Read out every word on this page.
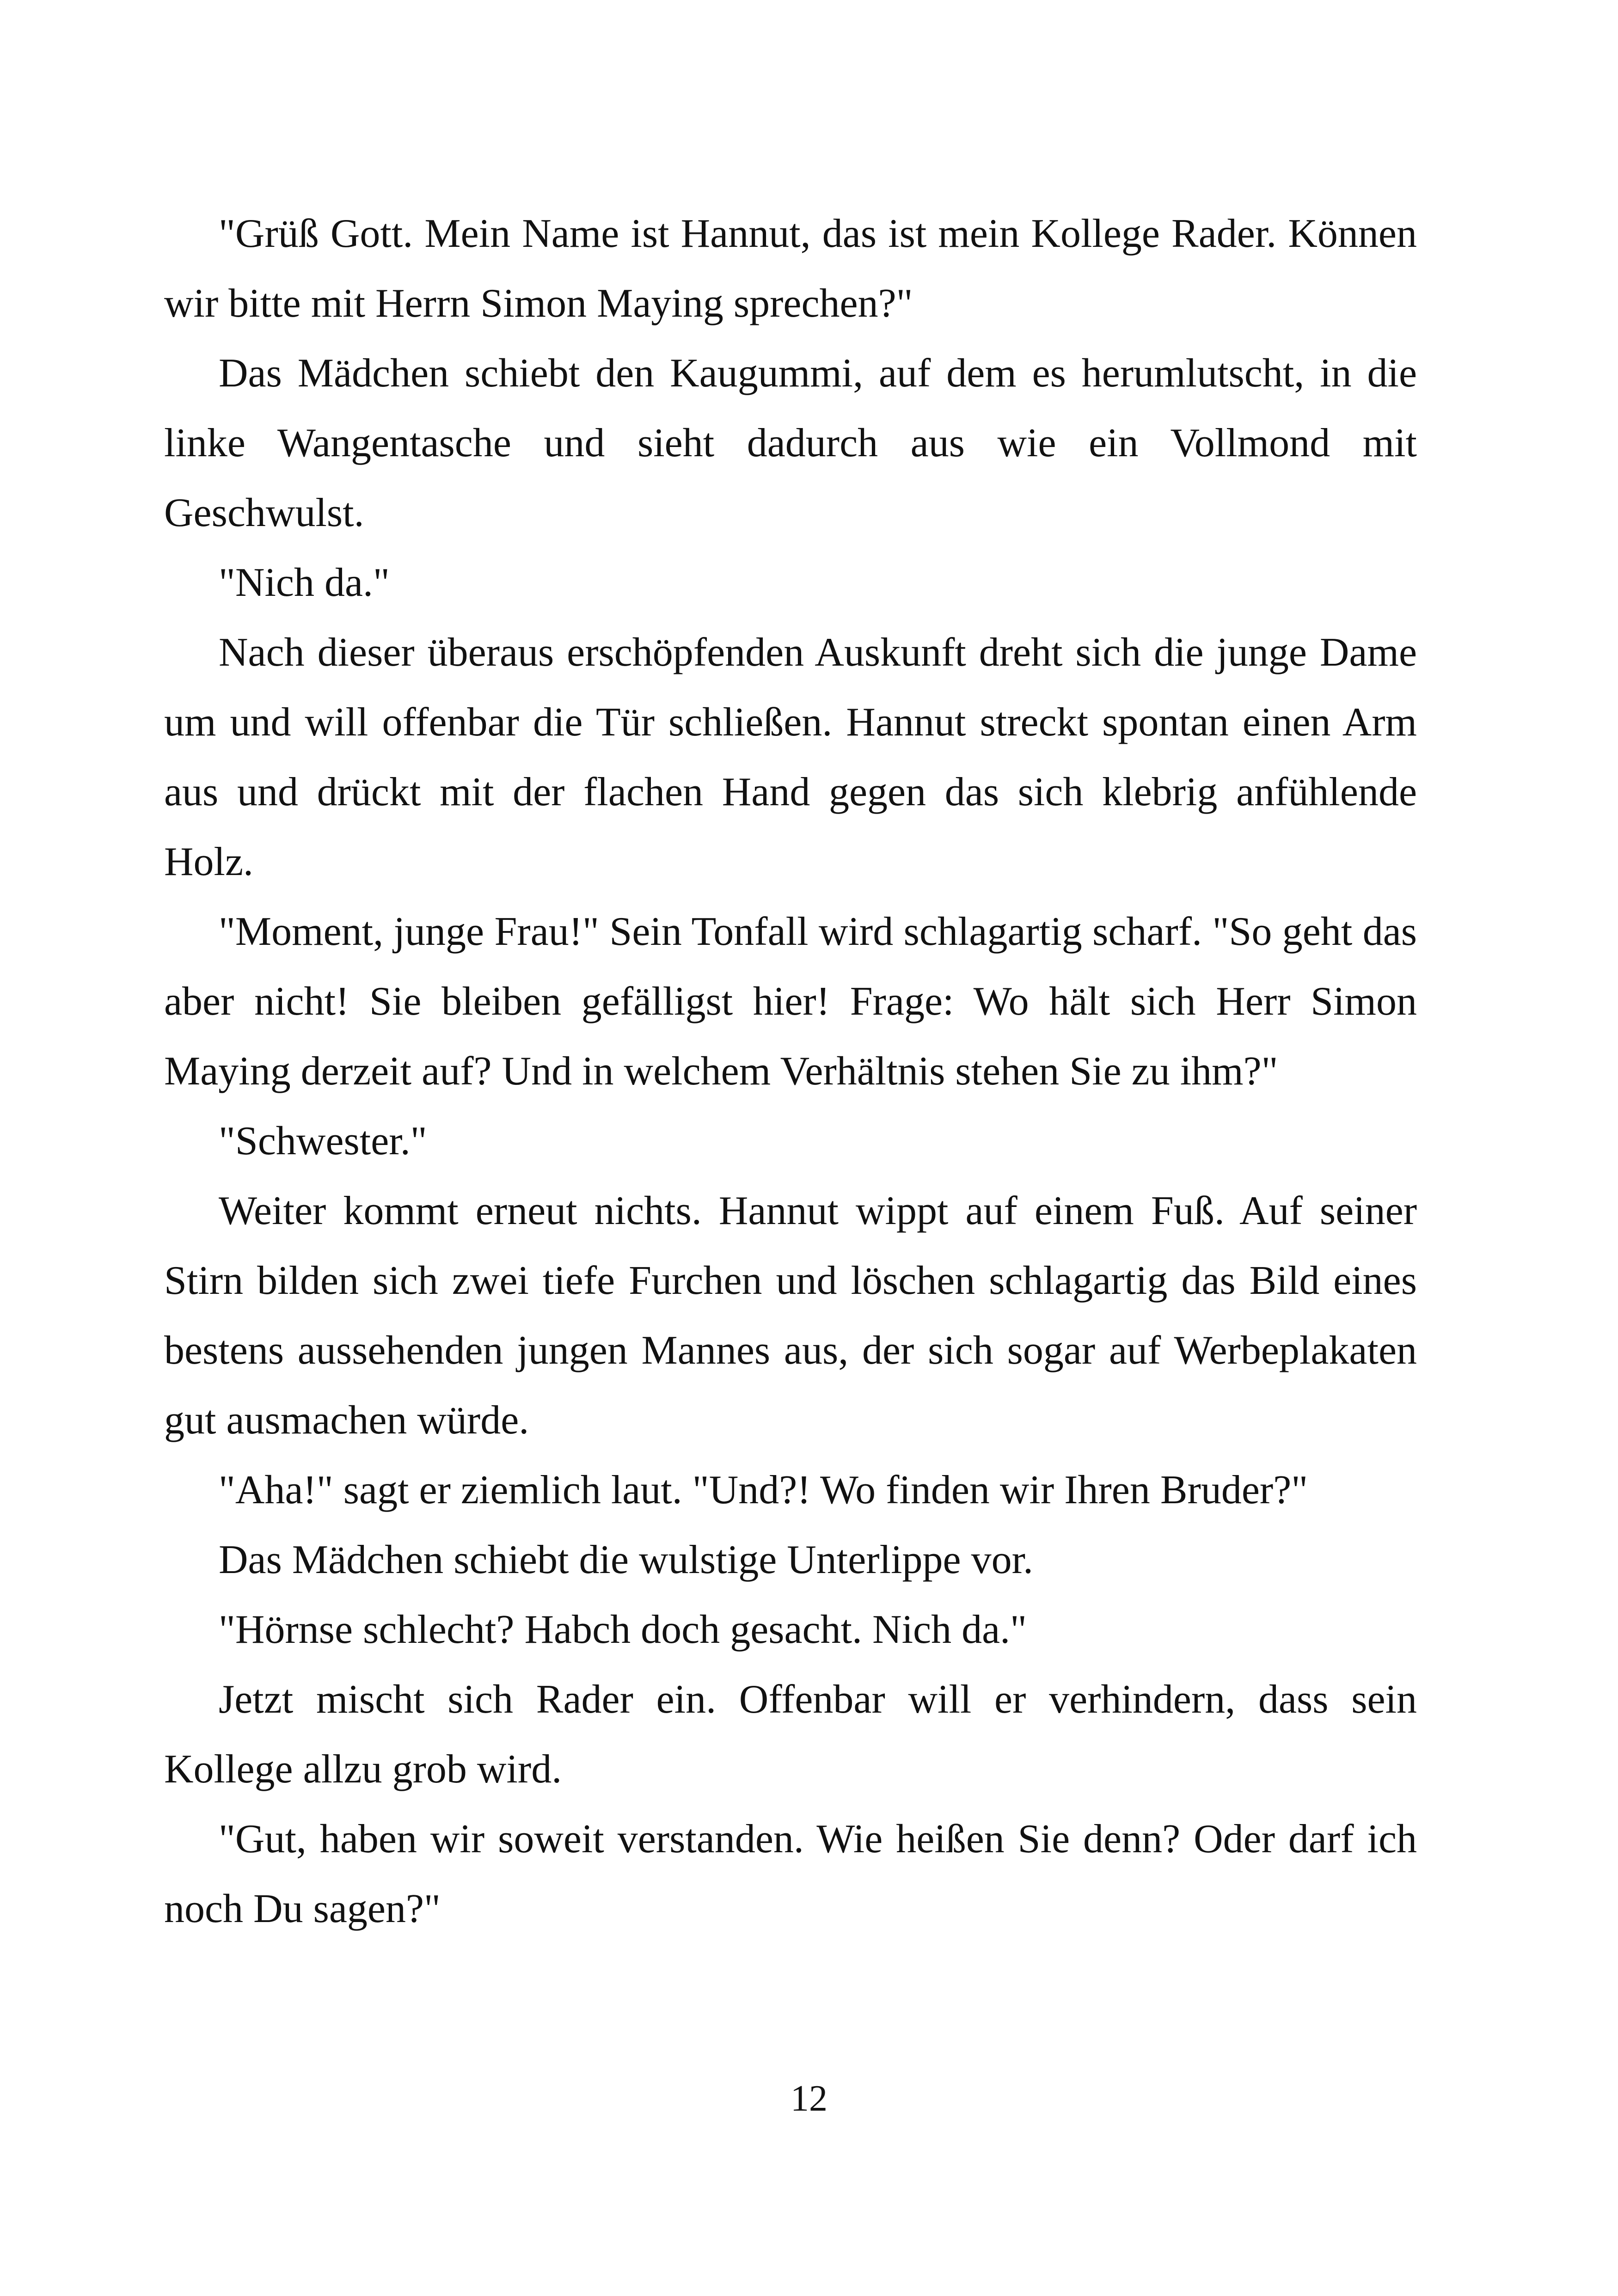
"Grüß Gott. Mein Name ist Hannut, das ist mein Kollege Rader. Können wir bitte mit Herrn Simon Maying sprechen?"

Das Mädchen schiebt den Kaugummi, auf dem es herumlutscht, in die linke Wangentasche und sieht dadurch aus wie ein Vollmond mit Geschwulst.

"Nich da."

Nach dieser überaus erschöpfenden Auskunft dreht sich die junge Dame um und will offenbar die Tür schließen. Hannut streckt spontan einen Arm aus und drückt mit der flachen Hand gegen das sich klebrig anfühlende Holz.

"Moment, junge Frau!" Sein Tonfall wird schlagartig scharf. "So geht das aber nicht! Sie bleiben gefälligst hier! Frage: Wo hält sich Herr Simon Maying derzeit auf? Und in welchem Verhältnis stehen Sie zu ihm?"

"Schwester."

Weiter kommt erneut nichts. Hannut wippt auf einem Fuß. Auf seiner Stirn bilden sich zwei tiefe Furchen und löschen schlagartig das Bild eines bestens aussehenden jungen Mannes aus, der sich sogar auf Werbeplakaten gut ausmachen würde.

"Aha!" sagt er ziemlich laut. "Und?! Wo finden wir Ihren Bruder?"

Das Mädchen schiebt die wulstige Unterlippe vor.

"Hörnse schlecht? Habch doch gesacht. Nich da."

Jetzt mischt sich Rader ein. Offenbar will er verhindern, dass sein Kollege allzu grob wird.

"Gut, haben wir soweit verstanden. Wie heißen Sie denn? Oder darf ich noch Du sagen?"

12
